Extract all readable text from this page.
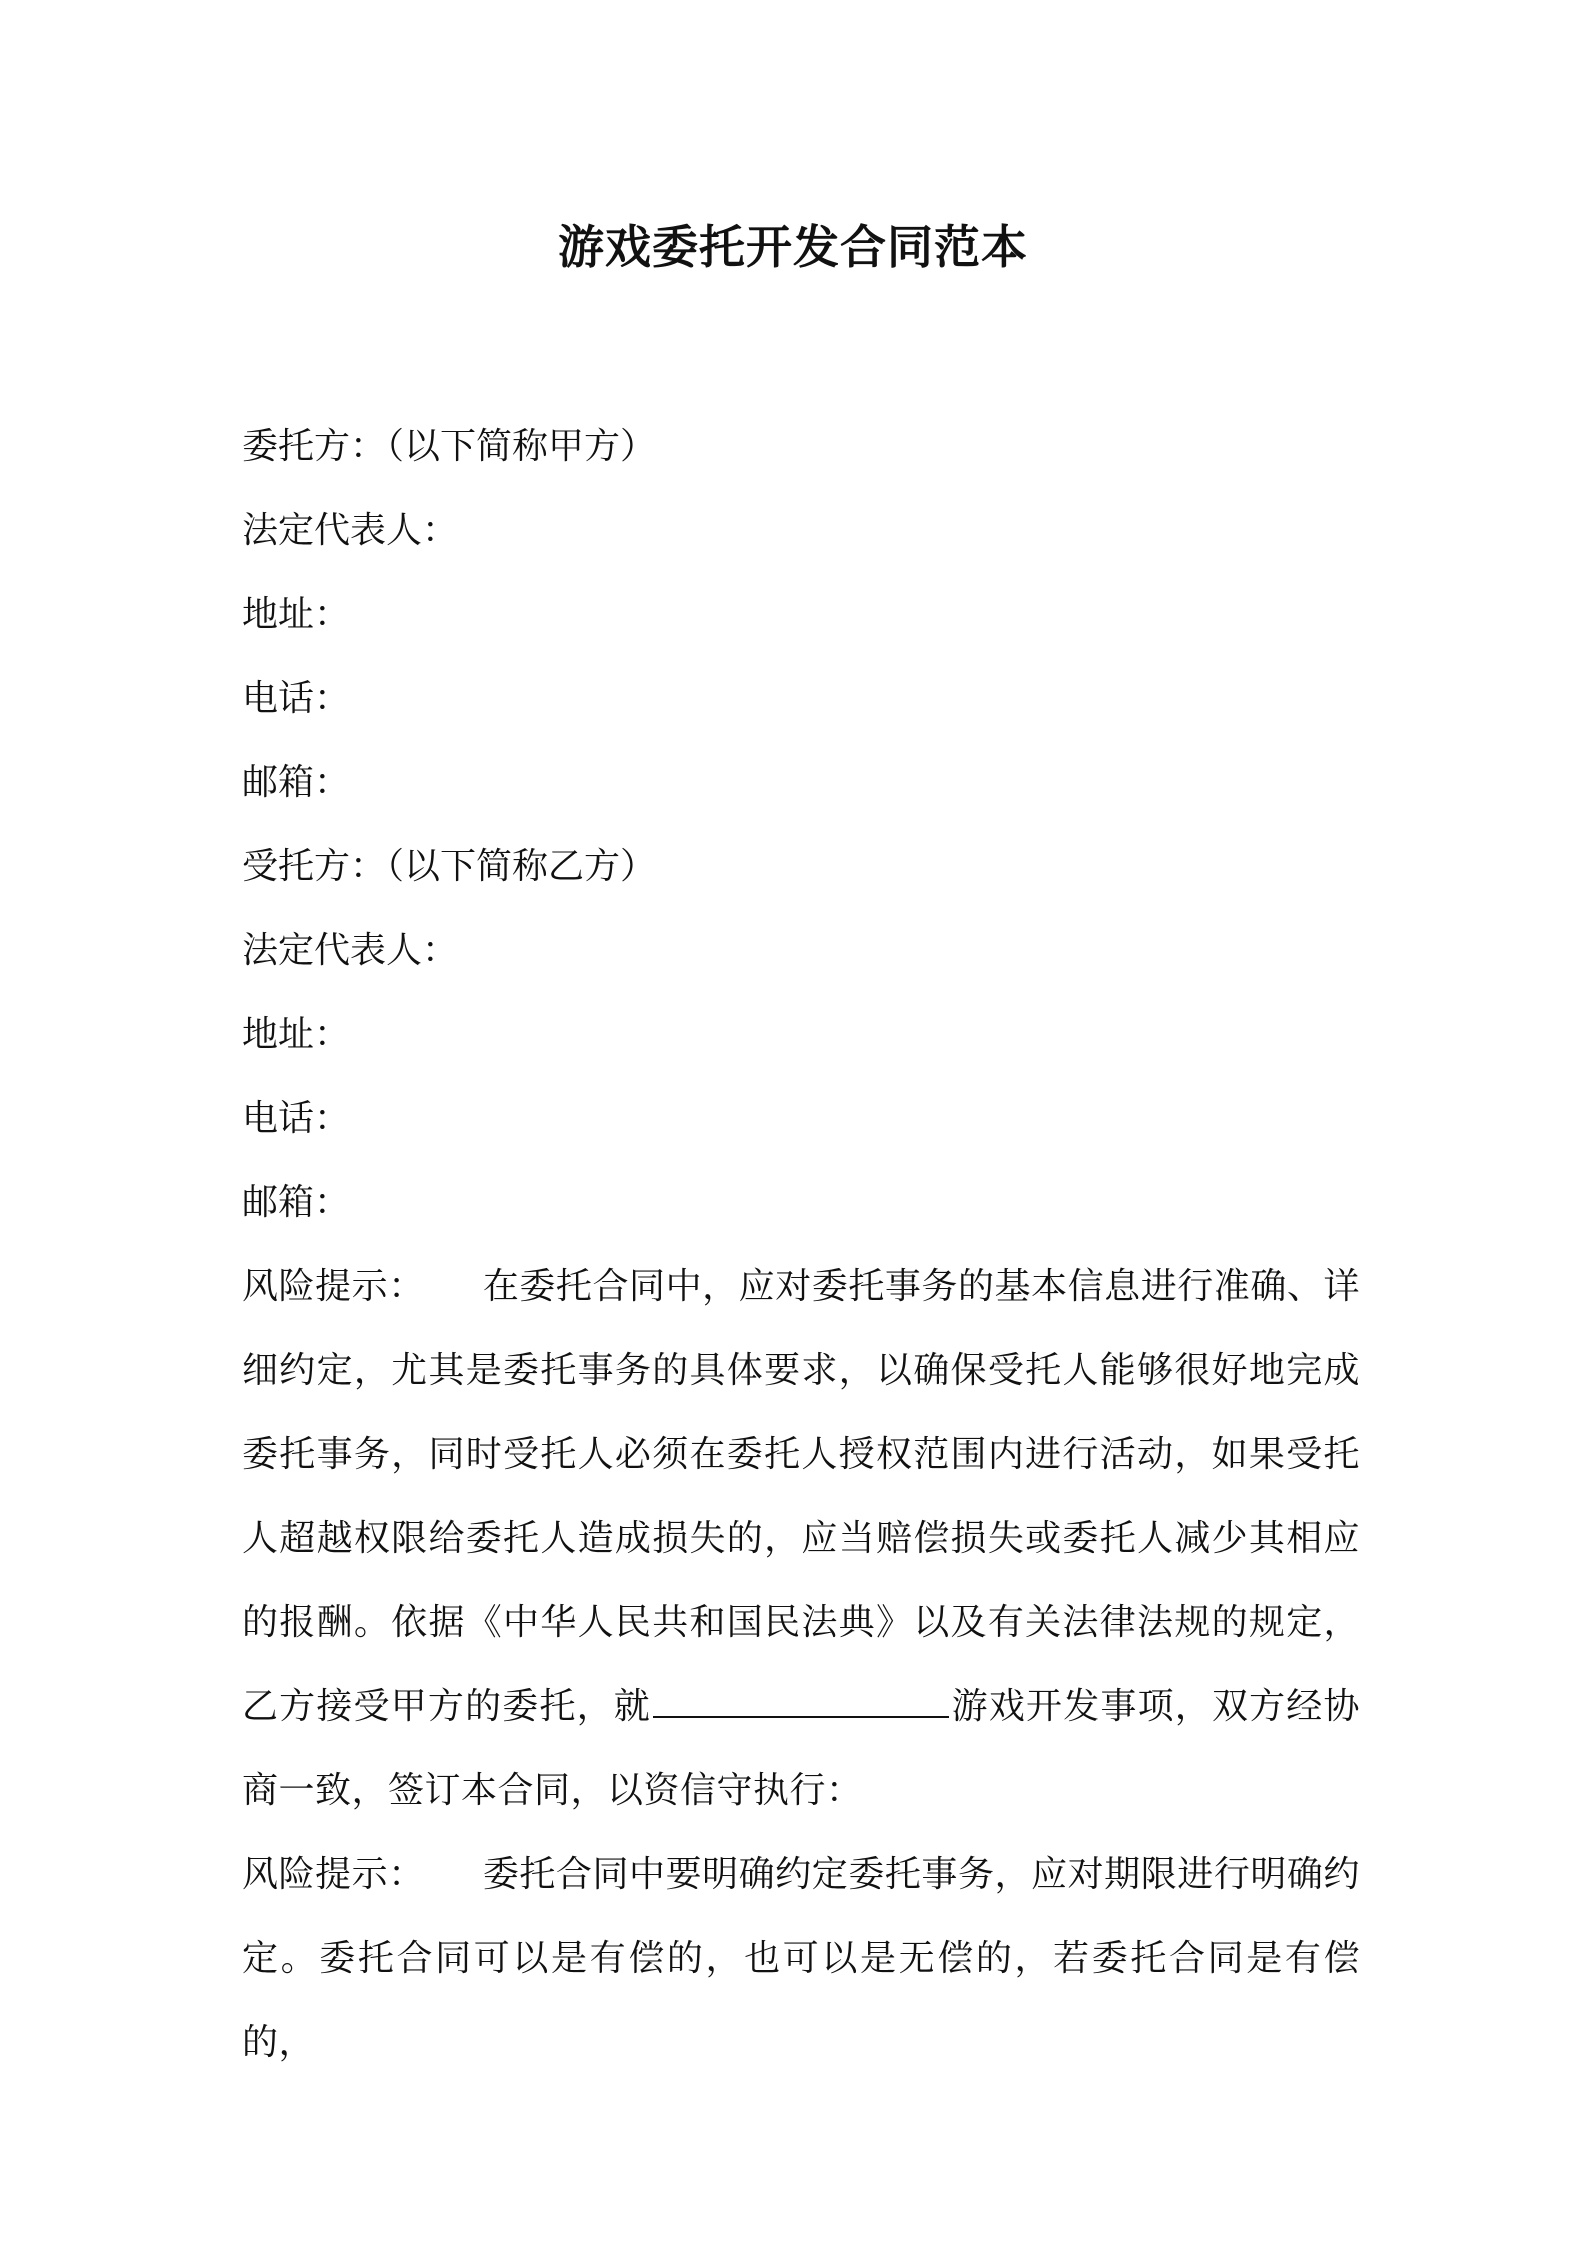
游戏委托开发合同范本
委托方：（以下简称甲方）
法定代表人：
地址：
电话：
邮箱：
受托方：（以下简称乙方）
法定代表人：
地址：
电话：
邮箱：
风险提示： 在委托合同中，应对委托事务的基本信息进行准确、详细约定，尤其是委托事务的具体要求，以确保受托人能够很好地完成委托事务，同时受托人必须在委托人授权范围内进行活动，如果受托人超越权限给委托人造成损失的，应当赔偿损失或委托人减少其相应的报酬。依据《中华人民共和国民法典》以及有关法律法规的规定，乙方接受甲方的委托，就	游戏开发事项，双方经协商一致，签订本合同，以资信守执行：
风险提示： 委托合同中要明确约定委托事务，应对期限进行明确约定。委托合同可以是有偿的，也可以是无偿的，若委托合同是有偿的，
